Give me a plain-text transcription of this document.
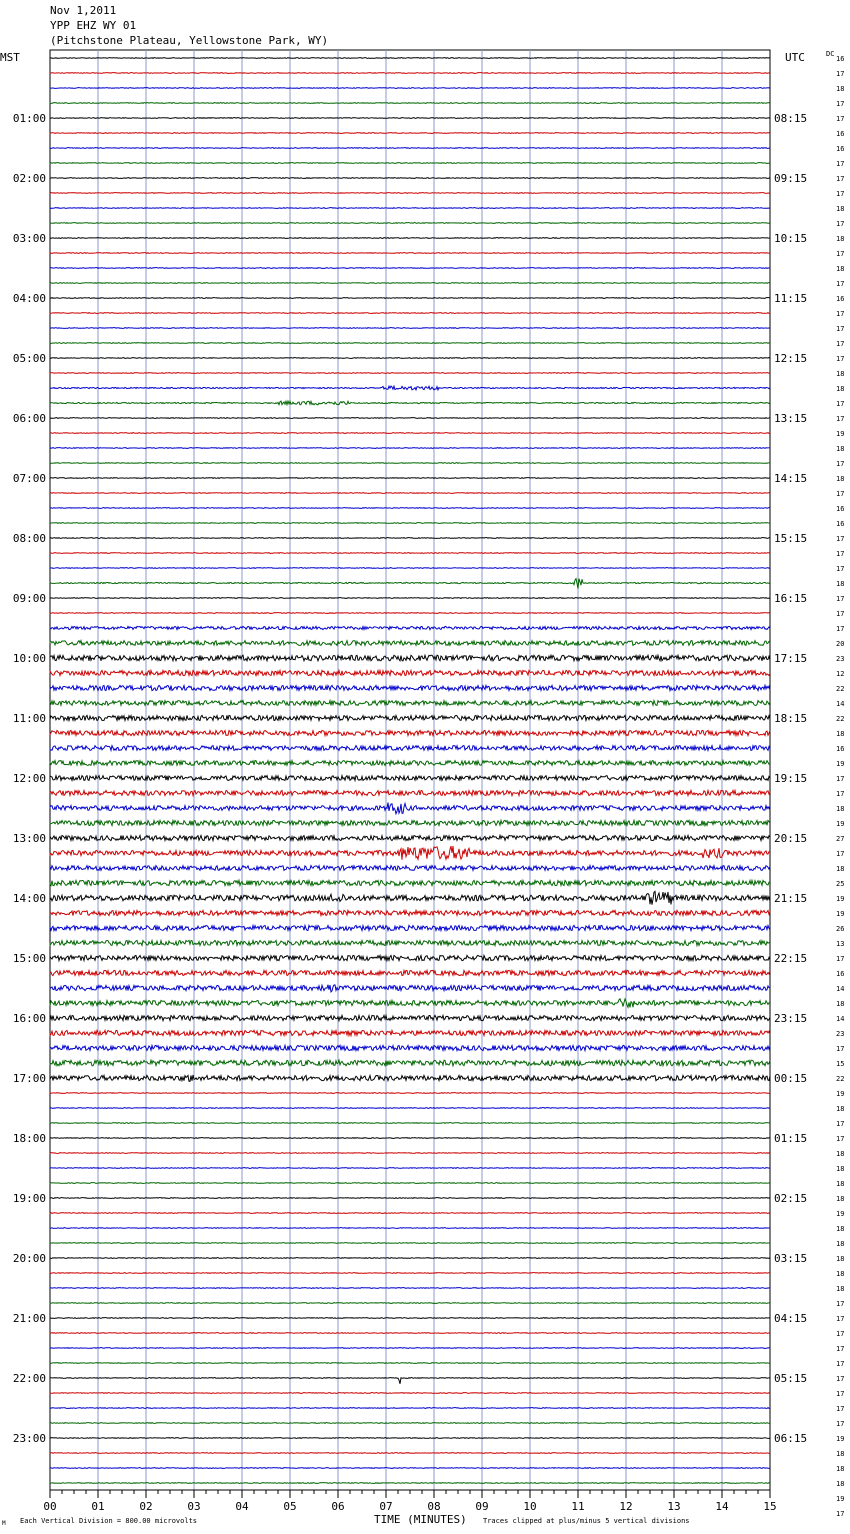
Nov 1,2011
YPP EHZ WY 01
(Pitchstone Plateau, Yellowstone Park, WY)
01:00
02:00
03:00
04:00
05:00
06:00
07:00
08:00
09:00
10:00
11:00
12:00
13:00
14:00
15:00
16:00
17:00
18:00
19:00
20:00
21:00
22:00
23:00
08:15
09:15
10:15
11:15
12:15
13:15
14:15
15:15
16:15
17:15
18:15
19:15
20:15
21:15
22:15
23:15
00:15
01:15
02:15
03:15
04:15
05:15
06:15
16
17
18
17
17
16
16
17
17
17
18
17
18
17
18
17
16
17
17
17
17
18
18
17
17
19
18
17
18
17
16
16
17
17
17
18
17
17
17
20
23
12
22
14
22
18
16
19
17
17
18
19
27
17
18
25
19
19
26
13
17
16
14
18
14
23
17
15
22
19
18
17
17
18
18
18
18
19
18
18
18
18
18
17
17
17
17
17
17
17
17
17
19
18
18
18
19
17
00	01	02	03	04	05	06	07	08	09	10	11	12	13	14	15
MST	UTC	DC
TIME (MINUTES)
Each Vertical Division = 800.00 microvolts	Traces clipped at plus/minus 5 vertical divisions
M
